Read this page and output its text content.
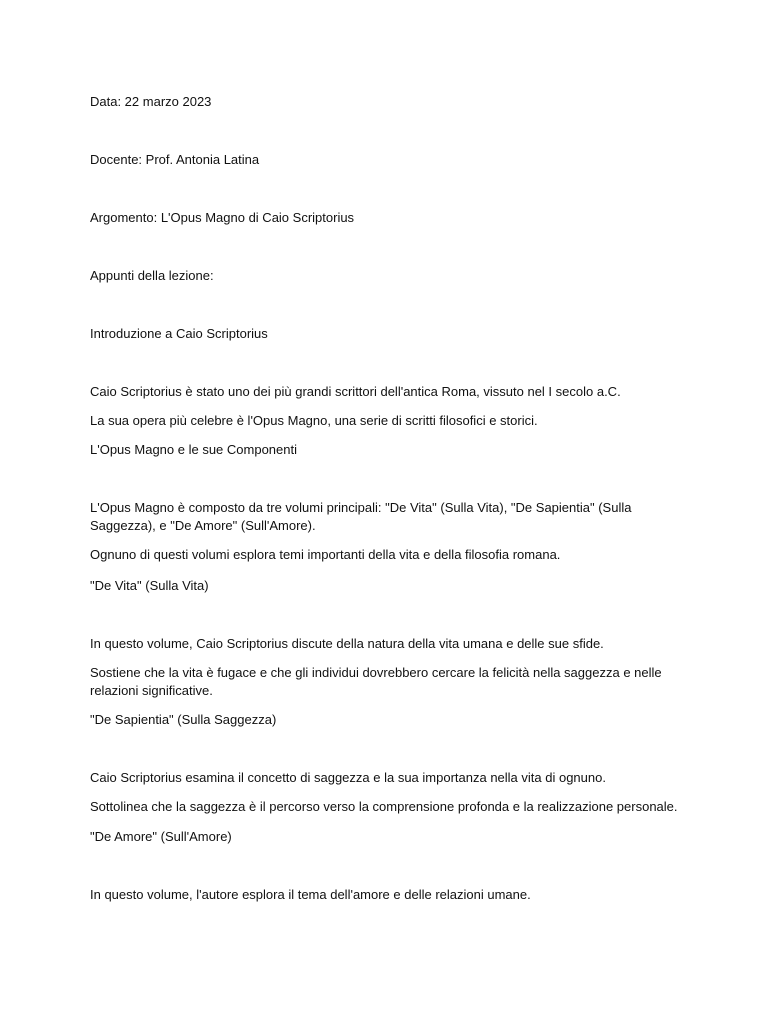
Data: 22 marzo 2023

Docente: Prof. Antonia Latina

Argomento: L'Opus Magno di Caio Scriptorius

Appunti della lezione:

Introduzione a Caio Scriptorius

Caio Scriptorius è stato uno dei più grandi scrittori dell'antica Roma, vissuto nel I secolo a.C.

La sua opera più celebre è l'Opus Magno, una serie di scritti filosofici e storici.

L'Opus Magno e le sue Componenti

L'Opus Magno è composto da tre volumi principali: "De Vita" (Sulla Vita), "De Sapientia" (Sulla Saggezza), e "De Amore" (Sull'Amore).

Ognuno di questi volumi esplora temi importanti della vita e della filosofia romana.

"De Vita" (Sulla Vita)

In questo volume, Caio Scriptorius discute della natura della vita umana e delle sue sfide.

Sostiene che la vita è fugace e che gli individui dovrebbero cercare la felicità nella saggezza e nelle relazioni significative.

"De Sapientia" (Sulla Saggezza)

Caio Scriptorius esamina il concetto di saggezza e la sua importanza nella vita di ognuno.

Sottolinea che la saggezza è il percorso verso la comprensione profonda e la realizzazione personale.

"De Amore" (Sull'Amore)

In questo volume, l'autore esplora il tema dell'amore e delle relazioni umane.
